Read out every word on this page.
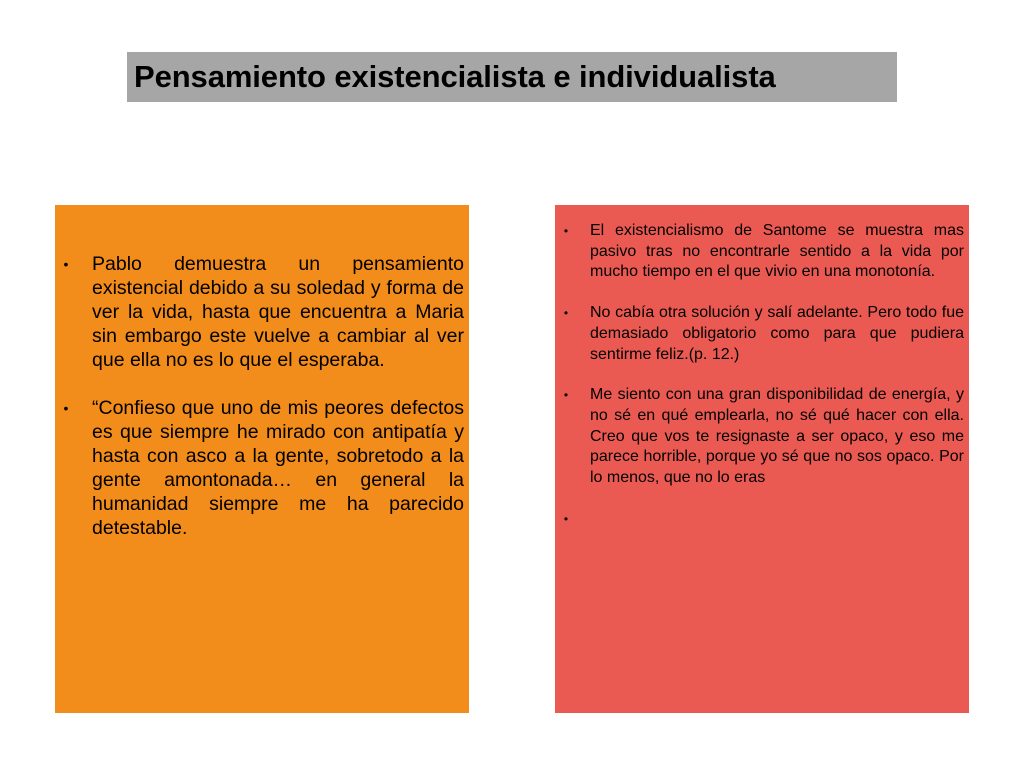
Pensamiento existencialista e individualista
• Pablo demuestra un pensamiento existencial debido a su soledad y forma de ver la vida, hasta que encuentra a Maria sin embargo este vuelve a cambiar al ver que ella no es lo que el esperaba.
• “Confieso que uno de mis peores defectos es que siempre he mirado con antipatía y hasta con asco a la gente, sobretodo a la gente amontonada… en general la humanidad siempre me ha parecido detestable.
• El existencialismo de Santome se muestra mas pasivo tras no encontrarle sentido a la vida por mucho tiempo en el que vivio en una monotonía.
• No cabía otra solución y salí adelante. Pero todo fue demasiado obligatorio como para que pudiera sentirme feliz.(p. 12.)
• Me siento con una gran disponibilidad de energía, y no sé en qué emplearla, no sé qué hacer con ella. Creo que vos te resignaste a ser opaco, y eso me parece horrible, porque yo sé que no sos opaco. Por lo menos, que no lo eras
•
